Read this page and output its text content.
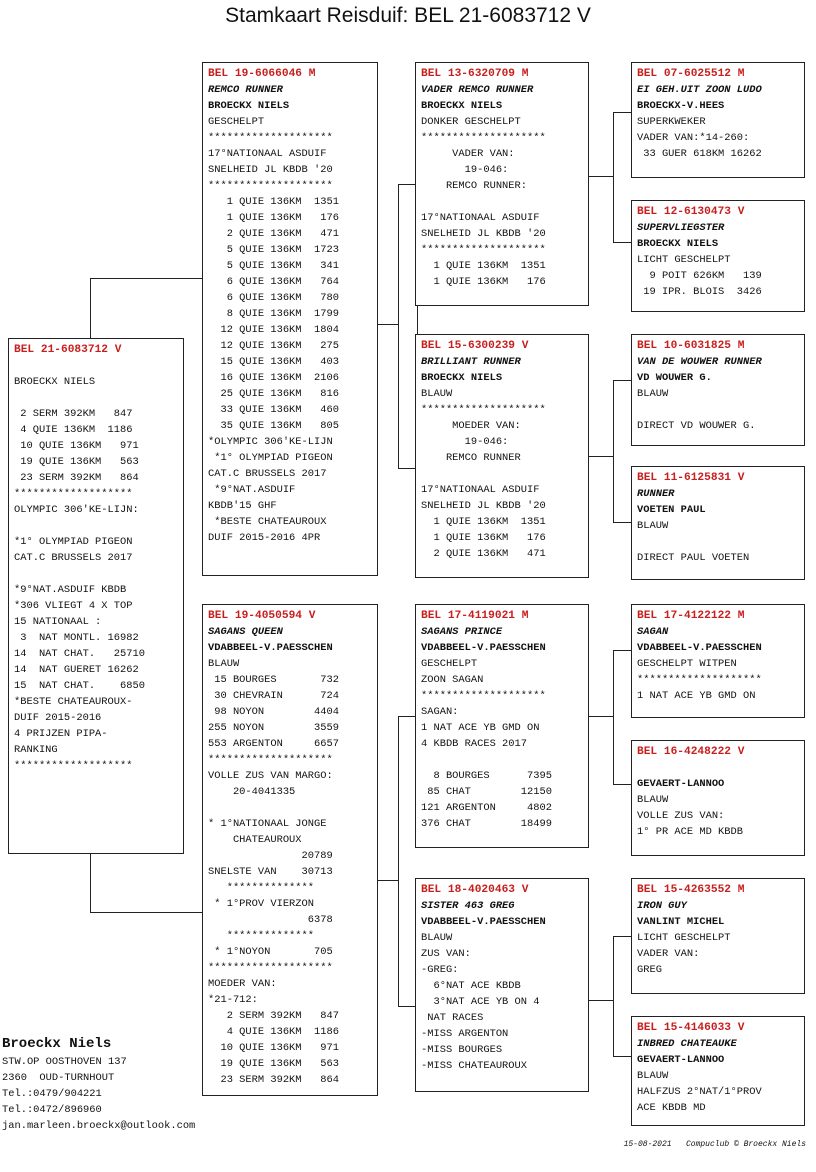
Stamkaart Reisduif: BEL 21-6083712 V
BEL 21-6083712 V
BROECKX NIELS
2 SERM 392KM   847
4 QUIE 136KM  1186
10 QUIE 136KM   971
19 QUIE 136KM   563
23 SERM 392KM   864
*******************
OLYMPIC 306'KE-LIJN:
*1° OLYMPIAD PIGEON
CAT.C BRUSSELS 2017
*9°NAT.ASDUIF KBDB
*306 VLIEGT 4 X TOP
15 NATIONAAL :
3  NAT MONTL. 16982
14  NAT CHAT.   25710
14  NAT GUERET 16262
15  NAT CHAT.    6850
*BESTE CHATEAUROUX-
DUIF 2015-2016
4 PRIJZEN PIPA-
RANKING
*******************
BEL 19-6066046 M
REMCO RUNNER
BROECKX NIELS
GESCHELPT
********************
17°NATIONAAL ASDUIF
SNELHEID JL KBDB '20
********************
1 QUIE 136KM  1351
1 QUIE 136KM   176
2 QUIE 136KM   471
5 QUIE 136KM  1723
5 QUIE 136KM   341
6 QUIE 136KM   764
6 QUIE 136KM   780
8 QUIE 136KM  1799
12 QUIE 136KM  1804
12 QUIE 136KM   275
15 QUIE 136KM   403
16 QUIE 136KM  2106
25 QUIE 136KM   816
33 QUIE 136KM   460
35 QUIE 136KM   805
*OLYMPIC 306'KE-LIJN
*1° OLYMPIAD PIGEON
CAT.C BRUSSELS 2017
*9°NAT.ASDUIF
KBDB'15 GHF
*BESTE CHATEAUROUX
DUIF 2015-2016 4PR
BEL 19-4050594 V
SAGANS QUEEN
VDABBEEL-V.PAESSCHEN
BLAUW
15 BOURGES       732
30 CHEVRAIN      724
98 NOYON        4404
255 NOYON        3559
553 ARGENTON     6657
********************
VOLLE ZUS VAN MARGO:
20-4041335
* 1°NATIONAAL JONGE
CHATEAUROUX
20789
SNELSTE VAN    30713
**************
* 1°PROV VIERZON
6378
**************
* 1°NOYON       705
********************
MOEDER VAN:
*21-712:
2 SERM 392KM   847
4 QUIE 136KM  1186
10 QUIE 136KM   971
19 QUIE 136KM   563
23 SERM 392KM   864
BEL 13-6320709 M
VADER REMCO RUNNER
BROECKX NIELS
DONKER GESCHELPT
********************
VADER VAN:
19-046:
REMCO RUNNER:
17°NATIONAAL ASDUIF
SNELHEID JL KBDB '20
********************
1 QUIE 136KM  1351
1 QUIE 136KM   176
BEL 15-6300239 V
BRILLIANT RUNNER
BROECKX NIELS
BLAUW
********************
MOEDER VAN:
19-046:
REMCO RUNNER
17°NATIONAAL ASDUIF
SNELHEID JL KBDB '20
1 QUIE 136KM  1351
1 QUIE 136KM   176
2 QUIE 136KM   471
BEL 17-4119021 M
SAGANS PRINCE
VDABBEEL-V.PAESSCHEN
GESCHELPT
ZOON SAGAN
********************
SAGAN:
1 NAT ACE YB GMD ON
4 KBDB RACES 2017
8 BOURGES      7395
85 CHAT        12150
121 ARGENTON     4802
376 CHAT        18499
BEL 18-4020463 V
SISTER 463 GREG
VDABBEEL-V.PAESSCHEN
BLAUW
ZUS VAN:
-GREG:
6°NAT ACE KBDB
3°NAT ACE YB ON 4
NAT RACES
-MISS ARGENTON
-MISS BOURGES
-MISS CHATEAUROUX
BEL 07-6025512 M
EI GEH.UIT ZOON LUDO
BROECKX-V.HEES
SUPERKWEKER
VADER VAN:*14-260:
33 GUER 618KM 16262
BEL 12-6130473 V
SUPERVLIEGSTER
BROECKX NIELS
LICHT GESCHELPT
9 POIT 626KM   139
19 IPR. BLOIS  3426
BEL 10-6031825 M
VAN DE WOUWER RUNNER
VD WOUWER G.
BLAUW
DIRECT VD WOUWER G.
BEL 11-6125831 V
RUNNER
VOETEN PAUL
BLAUW
DIRECT PAUL VOETEN
BEL 17-4122122 M
SAGAN
VDABBEEL-V.PAESSCHEN
GESCHELPT WITPEN
********************
1 NAT ACE YB GMD ON
BEL 16-4248222 V
GEVAERT-LANNOO
BLAUW
VOLLE ZUS VAN:
1° PR ACE MD KBDB
BEL 15-4263552 M
IRON GUY
VANLINT MICHEL
LICHT GESCHELPT
VADER VAN:
GREG
BEL 15-4146033 V
INBRED CHATEAUKE
GEVAERT-LANNOO
BLAUW
HALFZUS 2°NAT/1°PROV
ACE KBDB MD
Broeckx Niels
STW.OP OOSTHOVEN 137
2360  OUD-TURNHOUT
Tel.:0479/904221
Tel.:0472/896960
jan.marleen.broeckx@outlook.com
15-08-2021   Compuclub © Broeckx Niels
